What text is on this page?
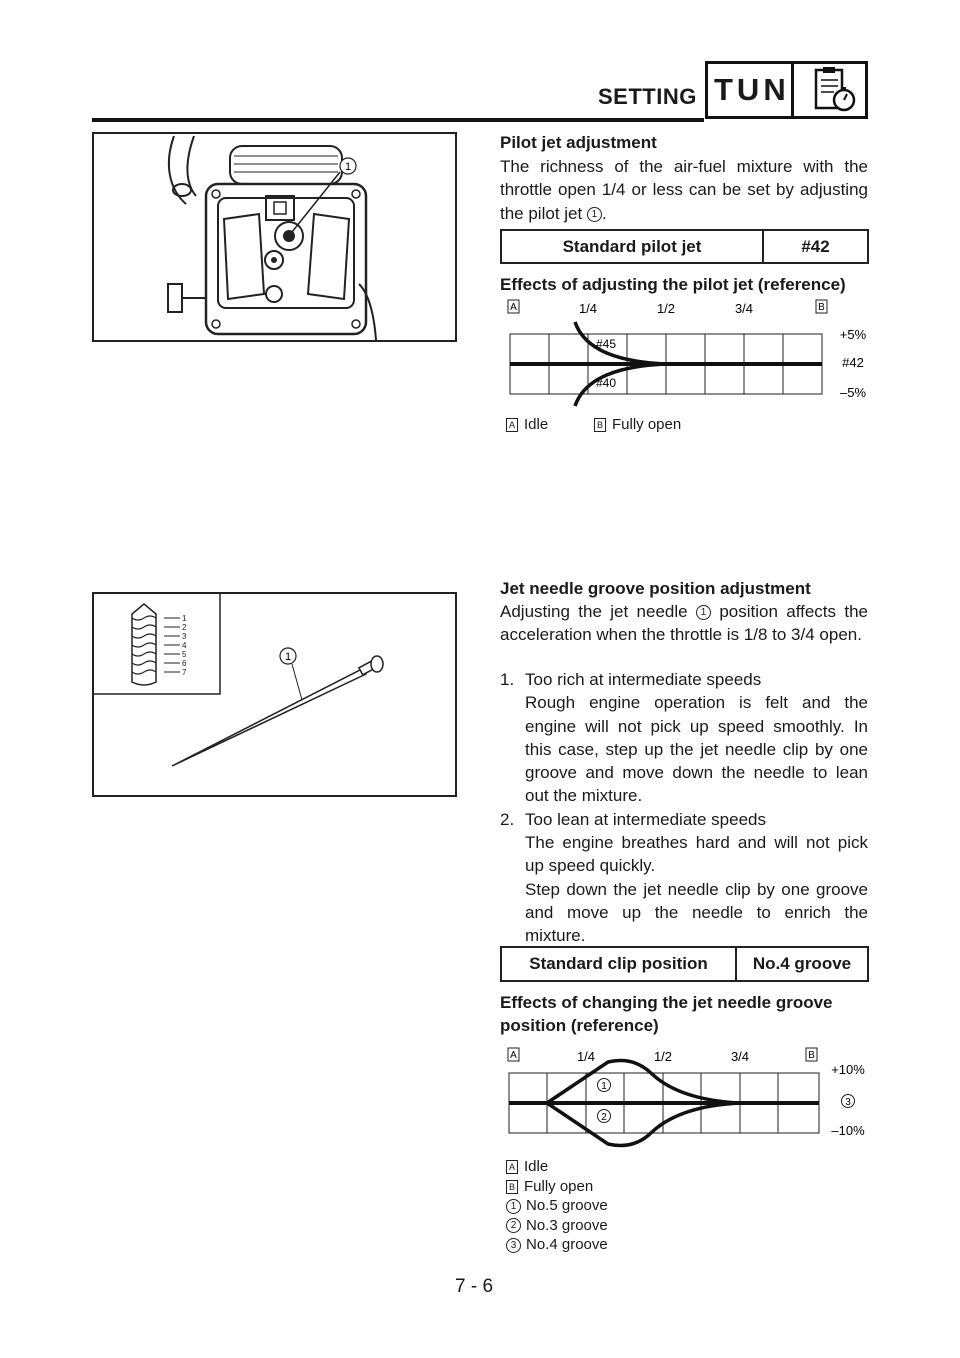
SETTING TUN
1
Pilot jet adjustment
The richness of the air-fuel mixture with the throttle open 1/4 or less can be set by adjusting the pilot jet 1 .
Standard pilot jet	#42
Effects of adjusting the pilot jet (reference)
A	B
1/4	1/2	3/4
#45
#40
+5%
#42
–5%
A Idle	B Fully open
1
2
3
4
5
6
7
1
Jet needle groove position adjustment
Adjusting the jet needle 1 position affects the acceleration when the throttle is 1/8 to 3/4 open.
1. Too rich at intermediate speeds
Rough engine operation is felt and the engine will not pick up speed smoothly. In this case, step up the jet needle clip by one groove and move down the needle to lean out the mixture.
2. Too lean at intermediate speeds
The engine breathes hard and will not pick up speed quickly.
Step down the jet needle clip by one groove and move up the needle to enrich the mixture.
Standard clip position	No.4 groove
Effects of changing the jet needle groove
position (reference)
A	B
1/4	1/2	3/4
1
2
+10%
3
–10%
A Idle
B Fully open
1 No.5 groove
2 No.3 groove
3 No.4 groove
7 - 6
